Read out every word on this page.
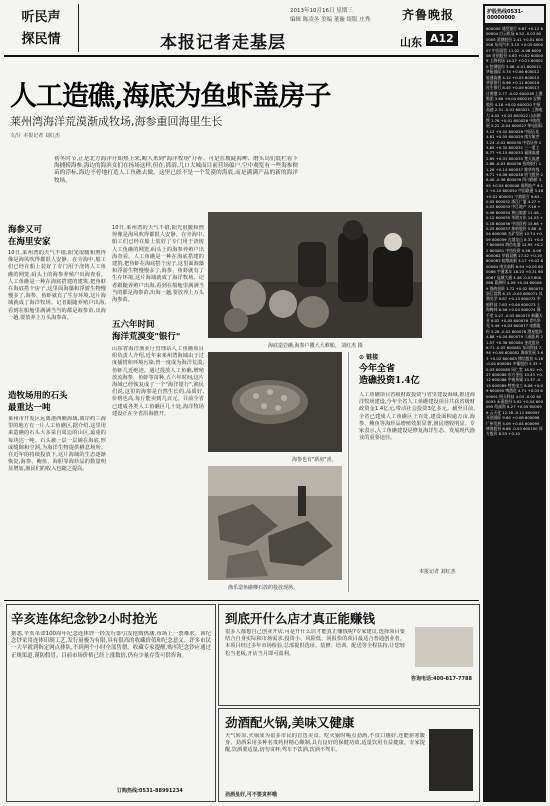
听民声
探民情
2013年10月16日 星期三
编辑 陈凌冬 美编 董璇 组版 庄秀	齐鲁晚报
本报记者走基层	山东 A12
人工造礁,海底为鱼虾盖房子
莱州湾海洋荒漠渐成牧场,海参重回海里生长
文/片 本报记者 刘红杰
初冬时节,正是北方海洋开始热上来,鲸人来到"海洋牧场"开养。可是在坡陡海岬、磨头岛们底栏着下海捕捞海参,海边的海滨女们在扬场这样,但在,抓浴,几口大城而目前营场船户,空中观览有一些海参秧苗的浮标,海边不停地打造人工鱼礁去做。这里已经不是一个荒漠的海底,而是满满产品的新的海洋牧场。
海参又可
在海里安家
10日,莱州湾的天气不错,阳光很暖和煦得像是海风吹得都很人安静。在旁海中,船工们已经在船上装好了专门用于浇铸人工鱼礁的网笼,码头上的海参养殖户出海查看。人工鱼礁是一种在海底搭建的建筑,把鱼虾在海底搭个房子,这里面海藻和浮游生物慢慢多了,海参、鱼虾就有了生存环境,这片海域就成了海洋牧场。记者跟随养殖户出海,看到在船舱里满满当当的都是海参苗,出海一趟,要放养上万头海参苗。
造牧场用的石头
最重达一吨
莱州市开发区远离港西侧海域,离岸约三海里的地方有一片人工鱼礁区,据介绍,这里用来造礁的石头大多采自周边的山区,最重的每块达一吨。石头被一层一层铺在海底,形成缝隙和空洞,为海洋生物提供栖息场所。在近年的持续投放下,这片海域的生态逐渐恢复,海参、鲍鱼、海胆等海珍品的数量明显增加,渔民们的收入也随之提高。
10日,莱州湾的天气不错,阳光很暖和煦得像是海风吹得都很人安静。在旁海中,船工们已经在船上装好了专门用于浇铸人工鱼礁的网笼,码头上的海参养殖户出海查看。人工鱼礁是一种在海底搭建的建筑,把鱼虾在海底搭个房子,这里面海藻和浮游生物慢慢多了,海参、鱼虾就有了生存环境,这片海域就成了海洋牧场。记者跟随养殖户出海,看到在船舱里满满当当的都是海参苗,出海一趟,要放养上万头海参苗。
五六年时间
海洋荒漠变"银行"
山东省海洋渔业厅管理站人工鱼礁项目组负责人介绍,近年来莱州湾海域由于过度捕捞和环境污染,曾一度成为海洋荒漠,鱼虾几近绝迹。通过投放人工鱼礁,增殖放流海参、鱼虾等苗种,五六年时间,这片海域已经恢复成了一个"海洋银行",渔民们说,这里的海参是自然生长的,品质好,价格也高,每斤能卖到几百元。目前全省已建成各类人工鱼礁区几十处,海洋牧场建设正在全省沿海推开。
海底造岩礁,海参户撒大大难舶。 刘红杰 摄
海参也有"新房"喜。
渔乐造鱼礁嗲石放的投放现场。
⊙ 链接
今年全省
造礁投资1.4亿
人工鱼礁项目省级财政投资与省里建设海域,推进海洋牧场建设,今年全省人工鱼礁建设项目共获省级财政资金1.4亿元,带动社会投资3亿多元。截至目前,全省已建成人工鱼礁区上百处,建设面积逾万亩,海参、鲍鱼等海珍品增殖效果显著,渔民增收明显。专家表示,人工鱼礁建设是修复海洋生态、发展现代渔业的重要途径。
本报记者 刘红杰
辛亥连体纪念钞2小时抢光
据悉,辛亥革命100周年纪念连体钞一经发行即引发抢购热潮,市场上一票难求。该纪念钞采用连体印制工艺,发行量极为有限,具有很高的收藏价值和纪念意义。许多市民一大早就到指定网点排队,不到两个小时全部售罄。收藏专家提醒,购买纪念钞应通过正规渠道,谨防假冒。目前市场价格已经上涨数倍,仍有少量存货可供咨询。
订购热线:0531-88991234
到底开什么店才真正能赚钱
很多人都想自己创业开店,可是开什么店才能真正赚钱呢?专家建议,选择项目要结合自身实际和市场需求,投资小、风险低、回报快的项目最适合普通创业者。本项目经过多年市场检验,总部提供选址、装修、培训、配送等全程扶持,让您轻松当老板,开店当月即可盈利。
咨询电话:400-817-7788
劲酒配火锅,美味又健康
天气转凉,火锅成为很多市民的首选美食。吃火锅时喝点劲酒,不仅口感好,还能驱寒暖身。劲酒采用多种名贵药材精心酿制,具有良好的保健功效,适量饮用有益健康。专家提醒,饮酒要适量,切勿贪杯,驾车不饮酒,饮酒不驾车。
劲酒虽好,可不要贪杯哦
护股热线0531-00000000
600000 浦发银行 9.87 +0.12 600004 白云机场 6.52 -0.03 600005 武钢股份 2.41 +0.01 600006 东风汽车 3.15 +0.05 600007 中国国贸 11.02 -0.08 600008 首创股份 4.63 +0.02 600009 上海机场 14.27 +0.21 600010 包钢股份 3.08 -0.01 600011 华能国际 5.74 +0.06 600012 皖通高速 4.12 +0.03 600015 华夏银行 8.96 +0.11 600016 民生银行 8.45 +0.09 600017 日照港 2.77 -0.02 600018 上港集团 3.66 +0.04 600019 宝钢股份 4.18 +0.02 600020 中原高速 2.31 -0.01 600021 上海电力 4.02 +0.03 600022 山东钢铁 1.76 +0.01 600026 中海发展 5.22 -0.04 600027 华电国际 3.12 +0.02 600028 中国石化 4.61 +0.05 600029 南方航空 3.24 -0.02 600030 中信证券 13.85 +0.32 600031 三一重工 8.77 +0.15 600033 福建高速 2.65 +0.01 600035 楚天高速 2.88 -0.03 600036 招商银行 11.26 +0.14 600037 歌华有线 9.71 +0.08 600038 哈飞股份 28.40 -0.36 600039 四川路桥 3.95 +0.04 600048 保利地产 9.12 +0.10 600050 中国联通 3.48 +0.02 600051 宁波联合 6.83 -0.05 600052 浙江广厦 4.27 +0.03 600053 中江地产 7.16 +0.06 600054 黄山旅游 11.48 -0.12 600055 华润万东 14.03 +0.18 600056 中国医药 15.66 +0.25 600057 象屿股份 5.88 -0.04 600058 五矿发展 10.74 +0.09 600059 古越龙山 8.31 +0.07 600060 海信电器 12.95 +0.22 600061 中纺投资 9.58 -0.06 600062 华润双鹤 17.42 +0.19 600063 皖维高新 3.17 +0.02 600064 南京高科 6.94 +0.05 600066 宇通客车 18.23 +0.31 600067 冠城大通 4.46 -0.03 600068 葛洲坝 4.09 +0.04 600069 银鸽投资 3.72 +0.02 600070 浙江富润 6.15 -0.05 600071 凤凰光学 9.87 +0.13 600072 中船科技 7.63 +0.06 600073 上海梅林 6.38 +0.04 600074 保千里 5.27 -0.03 600075 新疆天业 6.02 +0.05 600076 青鸟华光 5.49 +0.03 600077 宋都股份 3.26 -0.02 600078 澄星股份 4.88 +0.04 600079 人福医药 21.57 +0.36 600080 金花股份 6.71 -0.05 600081 东风科技 7.94 +0.06 600082 海泰发展 3.63 +0.02 600083 博信股份 5.16 -0.04 600084 中葡股份 5.33 +0.03 600085 同仁堂 18.92 +0.27 600086 东方金钰 10.45 +0.12 600088 中视传媒 13.37 -0.15 600089 特变电工 8.06 +0.09 600090 啤酒花 4.71 +0.03 600091 明天科技 4.05 -0.02 600093 禾嘉股份 5.92 +0.04 600095 哈高科 6.27 +0.05 600096 云天化 12.18 -0.11 600097 开创国际 9.64 +0.08 600098 广州发展 5.09 +0.04 600099 林海股份 6.86 -0.03 600100 同方股份 8.53 +0.10
